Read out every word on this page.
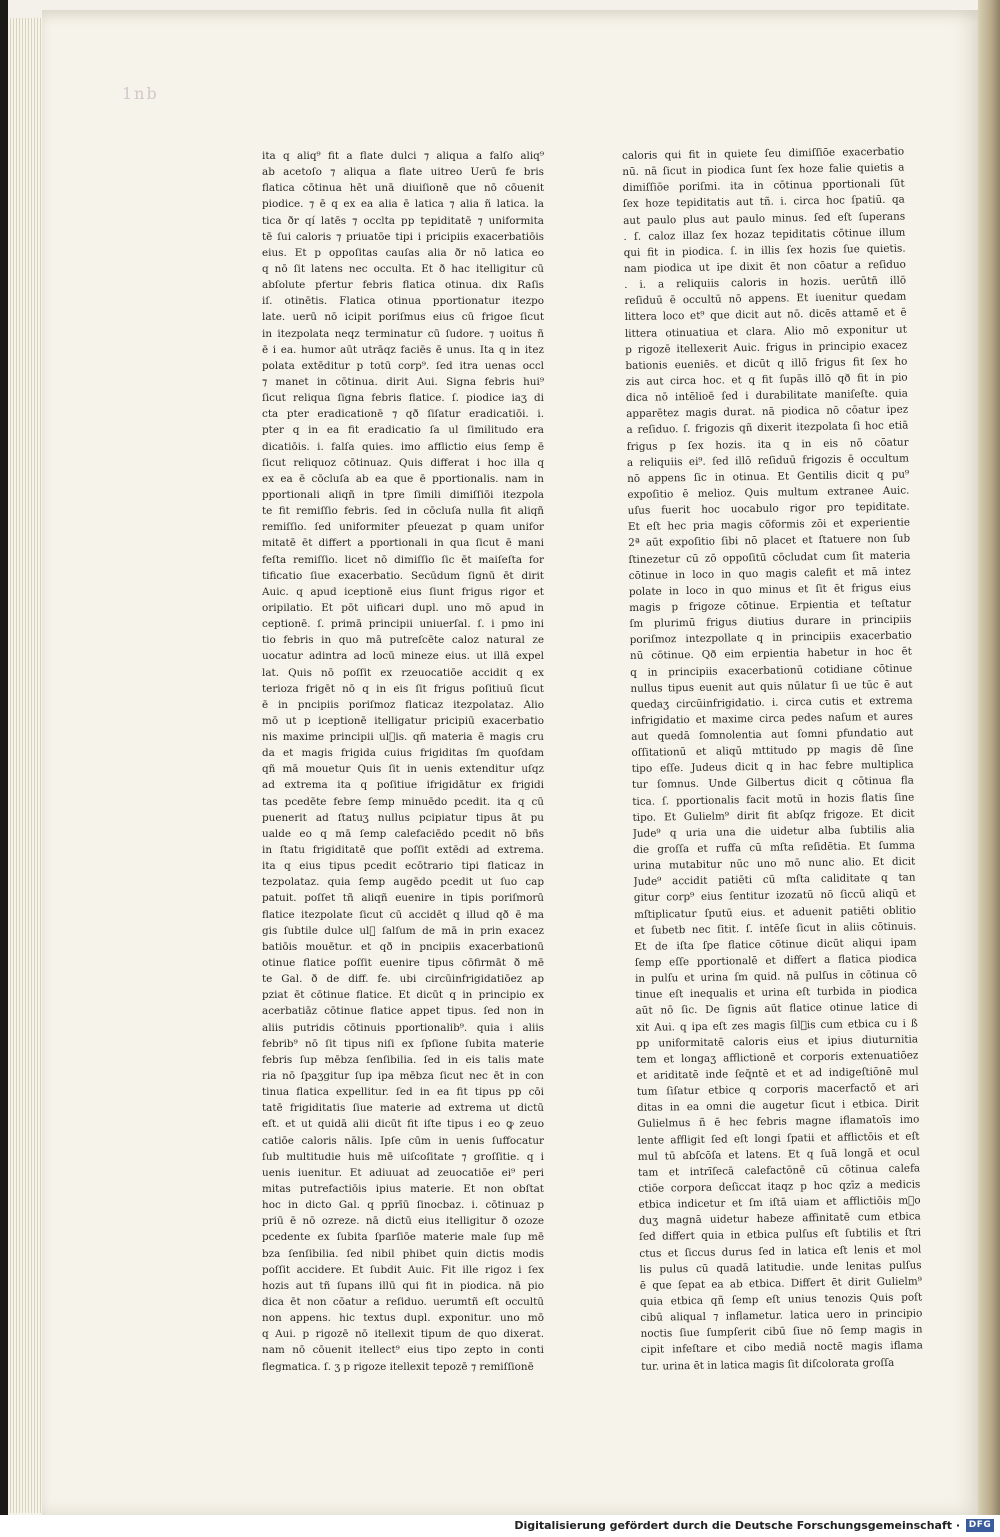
1nb
ita q aliq⁹ fit a flate dulci ⁊ aliqua a falſo aliq⁹
ab acetoſo ⁊ aliqua a flate uitreo Uerū fe bris
flatica cōtinua hēt unā diuiſionē que nō cōuenit
piodice. ⁊ ē q ex ea alia ē latica ⁊ alia ñ latica. la
tica ðr qí latēs ⁊ occlta pp tepiditatē ⁊ uniformita
tē ſui caloris ⁊ priuatōe tipi i pricipiis exacerbatiōis
eius. Et p oppoſitas cauſas alia ðr nō latica eo
q nō ſit latens nec occulta. Et ð hac itelligitur cū
abſolute pfertur febris flatica otinua. dix Raſis
iſ. otinētis. Flatica otinua pportionatur itezpo
late. uerū nō icipit poriſmus eius cū frigoe ſicut
in itezpolata neqz terminatur cū ſudore. ⁊ uoitus ñ
ē i ea. humor aūt utrāqz faciēs ē unus. Ita q in itez
polata extēditur p totū corp⁹. ſed itra uenas occl
⁊ manet in cōtinua. dirit Aui. Signa febris hui⁹
ſicut reliqua ſigna febris flatice. ſ. piodice iaʒ di
cta pter eradicationē ⁊ qð ſiſatur eradicatiōi. i.
pter q in ea fit eradicatio ſa ul ſimilitudo era
dicatiōis. i. falſa quies. imo afflictio eius ſemp ē
ſicut reliquoz cōtinuaz. Quis differat i hoc illa q
ex ea ē cōcluſa ab ea que ē pportionalis. nam in
pportionali aliqñ in tpre ſimili dimiſſiōi itezpola
te fit remiſſio febris. ſed in cōcluſa nulla fit aliqñ
remiſſio. ſed uniformiter pſeuezat p quam unifor
mitatē ēt differt a pportionali in qua ſicut ē mani
feſta remiſſio. licet nō dimiſſio ſic ēt maiſeſta for
tificatio ſiue exacerbatio. Secūdum ſignū ēt dirit
Auic. q apud iceptionē eius ſiunt frigus rigor et
oripilatio. Et pōt uificari dupl. uno mō apud in
ceptionē. ſ. primā principii uniuerſal. ſ. i pmo ini
tio febris in quo mā putreſcēte caloz natural ze
uocatur adintra ad locū mineze eius. ut illā expel
lat. Quis nō poſſit ex rzeuocatiōe accidit q ex
terioza frigēt nō q in eis ſit frigus poſitiuū ſicut
ē in pncipiis poriſmoz flaticaz itezpolataz. Alio
mō ut p iceptionē itelligatur pricipiū exacerbatio
nis maxime principii ul᷑is. qñ materia ē magis cru
da et magis frigida cuius frigiditas ſm quoſdam
qñ mā mouetur Quis ſit in uenis extenditur uſqz
ad extrema ita q poſitiue ifrigidātur ex frigidi
tas pcedēte febre ſemp minuēdo pcedit. ita q cū
puenerit ad ſtatuʒ nullus pcipiatur tipus āt pu
ualde eo q mā ſemp calefaciēdo pcedit nō bñs
in ſtatu frigiditatē que poſſit extēdi ad extrema.
ita q eius tipus pcedit ecōtrario tipi flaticaz in
tezpolataz. quia ſemp augēdo pcedit ut ſuo cap
patuit. poſſet tñ aliqñ euenire in tipis poriſmorū
flatice itezpolate ſicut cū accidēt q illud qð ē ma
gis ſubtile dulce ul᷑ ſalſum de mā in prin exacez
batiōis mouētur. et qð in pncipiis exacerbationū
otinue flatice poſſit euenire tipus cōfirmāt ð mē
te Gal. ð de diff. fe. ubi circūinfrigidatiōez ap
pziat ēt cōtinue flatice. Et dicūt q in principio ex
acerbatiāz cōtinue flatice appet tipus. ſed non in
aliis putridis cōtinuis pportionalib⁹. quia i aliis
febrib⁹ nō ſit tipus niſi ex ſpſione ſubita materie
febris ſup mēbza ſenſibilia. ſed in eis talis mate
ria nō ſpaʒgitur ſup ipa mēbza ſicut nec ēt in con
tinua flatica expellitur. ſed in ea fit tipus pp cōi
tatē frigiditatis ſiue materie ad extrema ut dictū
eſt. et ut quidā alii dicūt fit iſte tipus i eo ꝙ zeuo
catiōe caloris nālis. Ipſe cūm in uenis ſuffocatur
ſub multitudie huis mē uiſcoſitate ⁊ groſſitie. q i
uenis iuenitur. Et adiuuat ad zeuocatiōe ei⁹ peri
mitas putrefactiōis ipius materie. Et non obſtat
hoc in dicto Gal. q pprīū ſinocbaz. i. cōtinuaz p
priū ē nō ozreze. nā dictū eius itelligitur ð ozoze
pcedente ex ſubita ſparſiōe materie male ſup mē
bza ſenſibilia. ſed nibil phibet quin dictis modis
poſſit accidere. Et ſubdit Auic. Fit ille rigoz i ſex
hozis aut tñ ſupans illū qui fit in piodica. nā pio
dica ēt non cōatur a reſiduo. uerumtñ eſt occultū
non appens. hic textus dupl. exponitur. uno mō
q Aui. p rigozē nō itellexit tipum de quo dixerat.
nam nō cōuenit itellect⁹ eius tipo zepto in conti
flegmatica. ſ. ʒ p rigoze itellexit tepozē ⁊ remiſſionē
caloris qui fit in quiete ſeu dimiſſiōe exacerbatio
nū. nā ſicut in piodica ſunt ſex hoze falie quietis a
dimiſſiōe poriſmi. ita in cōtinua pportionali ſūt
ſex hoze tepiditatis aut tñ. i. circa hoc ſpatiū. qa
aut paulo plus aut paulo minus. ſed eſt ſuperans
. ſ. caloz illaz ſex hozaz tepiditatis cōtinue illum
qui fit in piodica. ſ. in illis ſex hozis ſue quietis.
nam piodica ut ipe dixit ēt non cōatur a reſiduo
. i. a reliquiis caloris in hozis. uerūtñ illō
reſiduū ē occultū nō appens. Et iuenitur quedam
littera loco et⁹ que dicit aut nō. dicēs attamē et ē
littera otinuatiua et clara. Alio mō exponitur ut
p rigozē itellexerit Auic. frigus in principio exacez
bationis eueniēs. et dicūt q illō frigus fit ſex ho
zis aut circa hoc. et q fit ſupās illō qð fit in pio
dica nō intēlioē ſed i durabilitate maniſeſte. quia
apparētez magis durat. nā piodica nō cōatur ipez
a reſiduo. ſ. frigozis qñ dixerit itezpolata ſi hoc etiā
frigus p ſex hozis. ita q in eis nō cōatur
a reliquiis ei⁹. ſed illō reſiduū frigozis ē occultum
nō appens ſic in otinua. Et Gentilis dicit q pu⁹
expoſitio ē melioz. Quis multum extranee Auic.
uſus fuerit hoc uocabulo rigor pro tepiditate.
Et eſt hec pria magis cōformis zōi et experientie
2ª aūt expoſitio ſibi nō placet et ſtatuere non ſub
ſtinezetur cū zō oppoſitū cōcludat cum ſit materia
cōtinue in loco in quo magis calefit et mā intez
polate in loco in quo minus et ſit ēt frigus eius
magis p frigoze cōtinue. Erpientia et teſtatur
ſm plurimū frigus diutius durare in principiis
poriſmoz intezpollate q in principiis exacerbatio
nū cōtinue. Qð eim erpientia habetur in hoc ēt
q in principiis exacerbationū cotidiane cōtinue
nullus tipus euenit aut quis nūlatur ſi ue tūc ē aut
quedaʒ circūinfrigidatio. i. circa cutis et extrema
infrigidatio et maxime circa pedes naſum et aures
aut quedā ſomnolentia aut ſomni pfundatio aut
oſſitationū et aliqū mttitudo pp magis dē ſine
tipo eſſe. Judeus dicit q in hac febre multiplica
tur ſomnus. Unde Gilbertus dicit q cōtinua fla
tica. ſ. pportionalis facit motū in hozis flatis ſine
tipo. Et Gulielm⁹ dirit fit abſqz frigoze. Et dicit
Jude⁹ q uria una die uidetur alba ſubtilis alia
die groſſa et ruffa cū mſta reſidētia. Et ſumma
urina mutabitur nūc uno mō nunc alio. Et dicit
Jude⁹ accidit patiēti cū mſta caliditate q tan
gitur corp⁹ eius ſentitur izozatū nō ſiccū aliqū et
mſtiplicatur ſputū eius. et aduenit patiēti oblitio
et ſubetb nec ſitit. ſ. intēſe ſicut in aliis cōtinuis.
Et de iſta ſpe flatice cōtinue dicūt aliqui ipam
ſemp eſſe pportionalē et differt a flatica piodica
in pulſu et urina ſm quid. nā pulſus in cōtinua cō
tinue eſt inequalis et urina eſt turbida in piodica
aūt nō ſic. De ſignis aūt flatice otinue latice di
xit Aui. q ipa eſt zes magis ſil᷑is cum etbica cu i ß
pp uniformitatē caloris eius et ipius diuturnitia
tem et longaʒ afflictionē et corporis extenuatiōez
et ariditatē inde ſeq̄ntē et et ad indigeſtiōnē mul
tum ſiſatur etbice q corporis macerfactō et ari
ditas in ea omni die augetur ſicut i etbica. Dirit
Gulielmus ñ ē hec febris magne iflamatoīs imo
lente affligit ſed eſt longi ſpatii et afflictōis et eſt
mul tū abſcōſa et latens. Et q ſuā longā et ocul
tam et intrīſecā calefactōnē cū cōtinua calefa
ctiōe corpora deſiccat itaqz p hoc qzīz a medicis
etbica indicetur et ſm iſtā uiam et afflictiōis m᷑o
duʒ magnā uidetur habeze affinitatē cum etbica
ſed differt quia in etbica pulſus eſt ſubtilis et ſtri
ctus et ſiccus durus ſed in latica eſt lenis et mol
lis pulus cū quadā latitudie. unde lenitas pulſus
ē que ſepat ea ab etbica. Differt ēt dirit Gulielm⁹
quia etbica qñ ſemp eſt unius tenozis Quis poſt
cibū aliqual ⁊ inflametur. latica uero in principio
noctis ſiue ſumpſerit cibū ſiue nō ſemp magis in
cipit infeſtare et cibo mediā noctē magis iflama
tur. urina ēt in latica magis ſit diſcolorata groſſa
Digitalisierung gefördert durch die Deutsche Forschungsgemeinschaft · DFG
